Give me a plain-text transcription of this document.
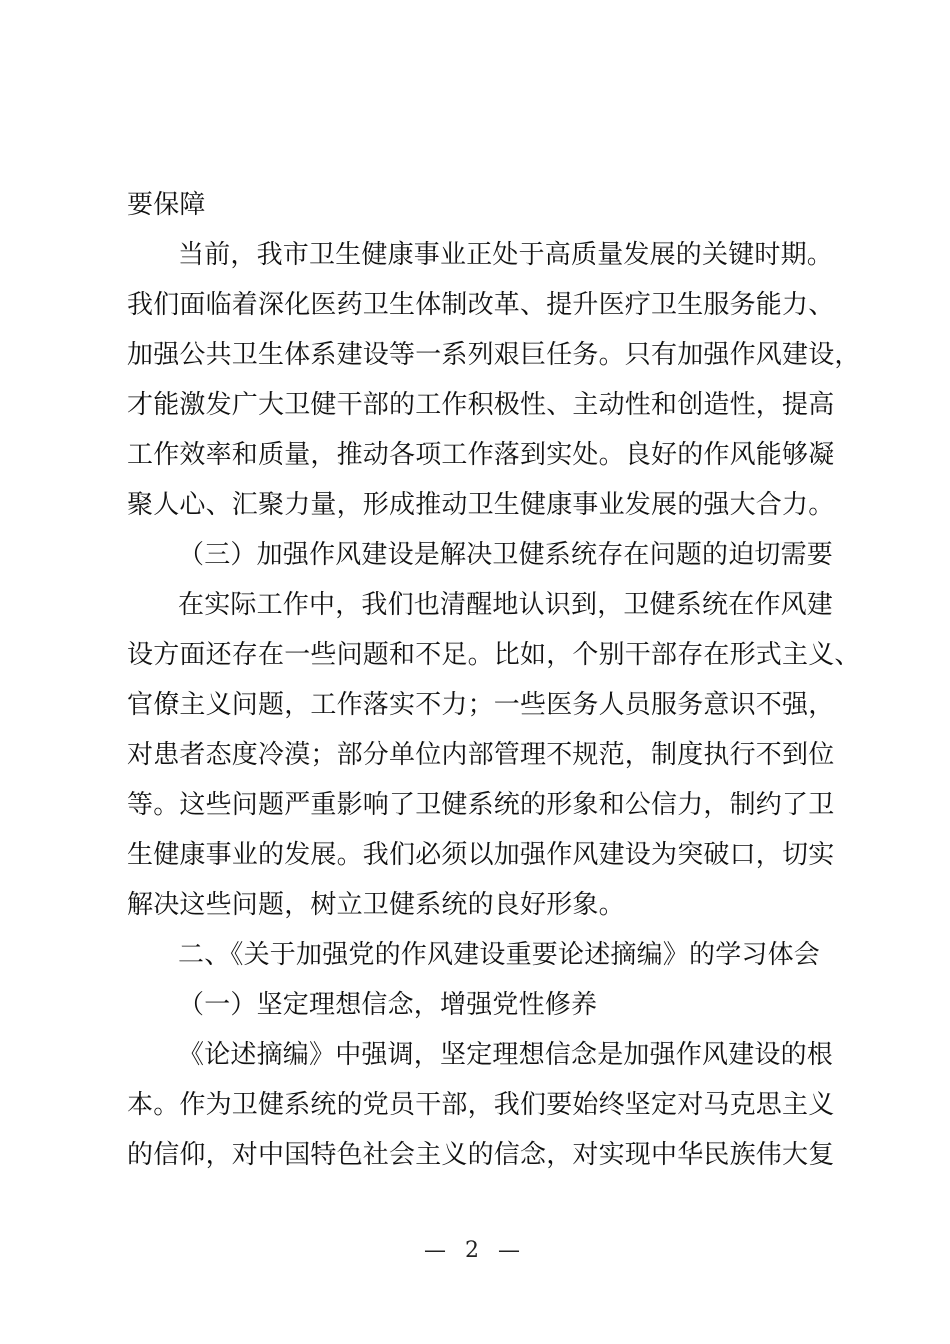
要保障
当前，我市卫生健康事业正处于高质量发展的关键时期。
我们面临着深化医药卫生体制改革、提升医疗卫生服务能力、
加强公共卫生体系建设等一系列艰巨任务。只有加强作风建设，
才能激发广大卫健干部的工作积极性、主动性和创造性，提高
工作效率和质量，推动各项工作落到实处。良好的作风能够凝
聚人心、汇聚力量，形成推动卫生健康事业发展的强大合力。
（三）加强作风建设是解决卫健系统存在问题的迫切需要
在实际工作中，我们也清醒地认识到，卫健系统在作风建
设方面还存在一些问题和不足。比如，个别干部存在形式主义、
官僚主义问题，工作落实不力；一些医务人员服务意识不强，
对患者态度冷漠；部分单位内部管理不规范，制度执行不到位
等。这些问题严重影响了卫健系统的形象和公信力，制约了卫
生健康事业的发展。我们必须以加强作风建设为突破口，切实
解决这些问题，树立卫健系统的良好形象。
二、《关于加强党的作风建设重要论述摘编》的学习体会
（一）坚定理想信念，增强党性修养
《论述摘编》中强调，坚定理想信念是加强作风建设的根
本。作为卫健系统的党员干部，我们要始终坚定对马克思主义
的信仰，对中国特色社会主义的信念，对实现中华民族伟大复
— 2 —
